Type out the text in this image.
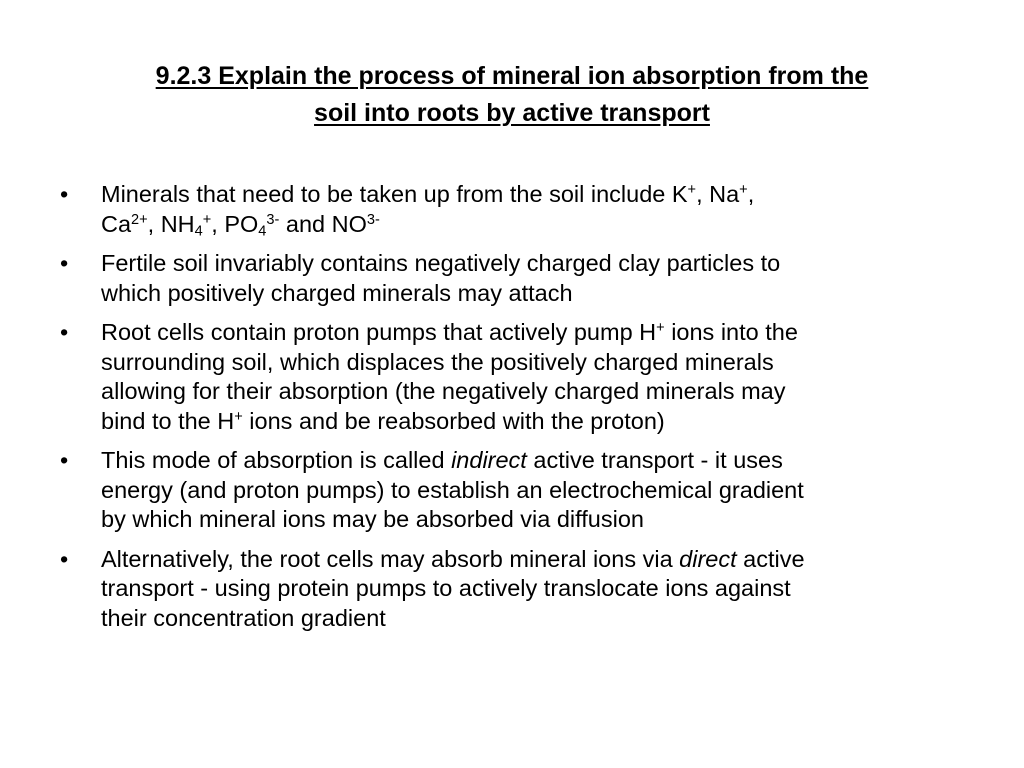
9.2.3 Explain the process of mineral ion absorption from the
soil into roots by active transport
• Minerals that need to be taken up from the soil include K+, Na+,
$Ca^{2+}$, $NH_4^+$, $PO_4^{3-}$ and $NO^{3-}$
• Fertile soil invariably contains negatively charged clay particles to
which positively charged minerals may attach
• Root cells contain proton pumps that actively pump H+ ions into the
surrounding soil, which displaces the positively charged minerals
allowing for their absorption (the negatively charged minerals may
bind to the H+ ions and be reabsorbed with the proton)
• This mode of absorption is called indirect active transport - it uses
energy (and proton pumps) to establish an electrochemical gradient
by which mineral ions may be absorbed via diffusion
• Alternatively, the root cells may absorb mineral ions via direct active
transport - using protein pumps to actively translocate ions against
their concentration gradient
